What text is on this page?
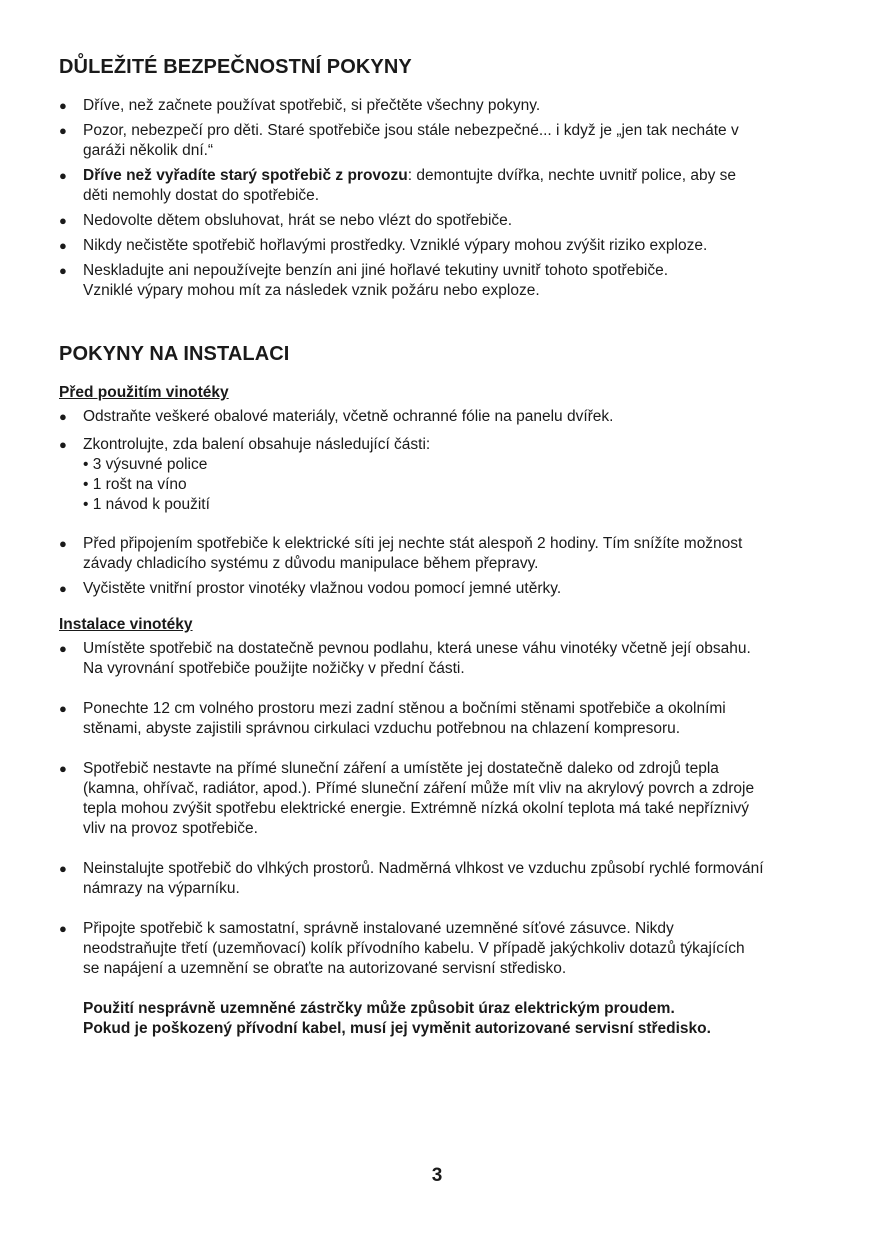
DŮLEŽITÉ BEZPEČNOSTNÍ POKYNY
● Dříve, než začnete používat spotřebič, si přečtěte všechny pokyny.
● Pozor, nebezpečí pro děti. Staré spotřebiče jsou stále nebezpečné... i když je „jen tak necháte v
garáži několik dní.“
● Dříve než vyřadíte starý spotřebič z provozu: demontujte dvířka, nechte uvnitř police, aby se
děti nemohly dostat do spotřebiče.
● Nedovolte dětem obsluhovat, hrát se nebo vlézt do spotřebiče.
● Nikdy nečistěte spotřebič hořlavými prostředky. Vzniklé výpary mohou zvýšit riziko exploze.
● Neskladujte ani nepoužívejte benzín ani jiné hořlavé tekutiny uvnitř tohoto spotřebiče.
Vzniklé výpary mohou mít za následek vznik požáru nebo exploze.
POKYNY NA INSTALACI
Před použitím vinotéky
● Odstraňte veškeré obalové materiály, včetně ochranné fólie na panelu dvířek.
● Zkontrolujte, zda balení obsahuje následující části:
• 3 výsuvné police
• 1 rošt na víno
• 1 návod k použití
● Před připojením spotřebiče k elektrické síti jej nechte stát alespoň 2 hodiny. Tím snížíte možnost
závady chladicího systému z důvodu manipulace během přepravy.
● Vyčistěte vnitřní prostor vinotéky vlažnou vodou pomocí jemné utěrky.
Instalace vinotéky
● Umístěte spotřebič na dostatečně pevnou podlahu, která unese váhu vinotéky včetně její obsahu.
Na vyrovnání spotřebiče použijte nožičky v přední části.
● Ponechte 12 cm volného prostoru mezi zadní stěnou a bočními stěnami spotřebiče a okolními
stěnami, abyste zajistili správnou cirkulaci vzduchu potřebnou na chlazení kompresoru.
● Spotřebič nestavte na přímé sluneční záření a umístěte jej dostatečně daleko od zdrojů tepla
(kamna, ohřívač, radiátor, apod.). Přímé sluneční záření může mít vliv na akrylový povrch a zdroje
tepla mohou zvýšit spotřebu elektrické energie. Extrémně nízká okolní teplota má také nepříznivý
vliv na provoz spotřebiče.
● Neinstalujte spotřebič do vlhkých prostorů. Nadměrná vlhkost ve vzduchu způsobí rychlé formování
námrazy na výparníku.
● Připojte spotřebič k samostatní, správně instalované uzemněné síťové zásuvce. Nikdy
neodstraňujte třetí (uzemňovací) kolík přívodního kabelu. V případě jakýchkoliv dotazů týkajících
se napájení a uzemnění se obraťte na autorizované servisní středisko.
Použití nesprávně uzemněné zástrčky může způsobit úraz elektrickým proudem.
Pokud je poškozený přívodní kabel, musí jej vyměnit autorizované servisní středisko.
3
